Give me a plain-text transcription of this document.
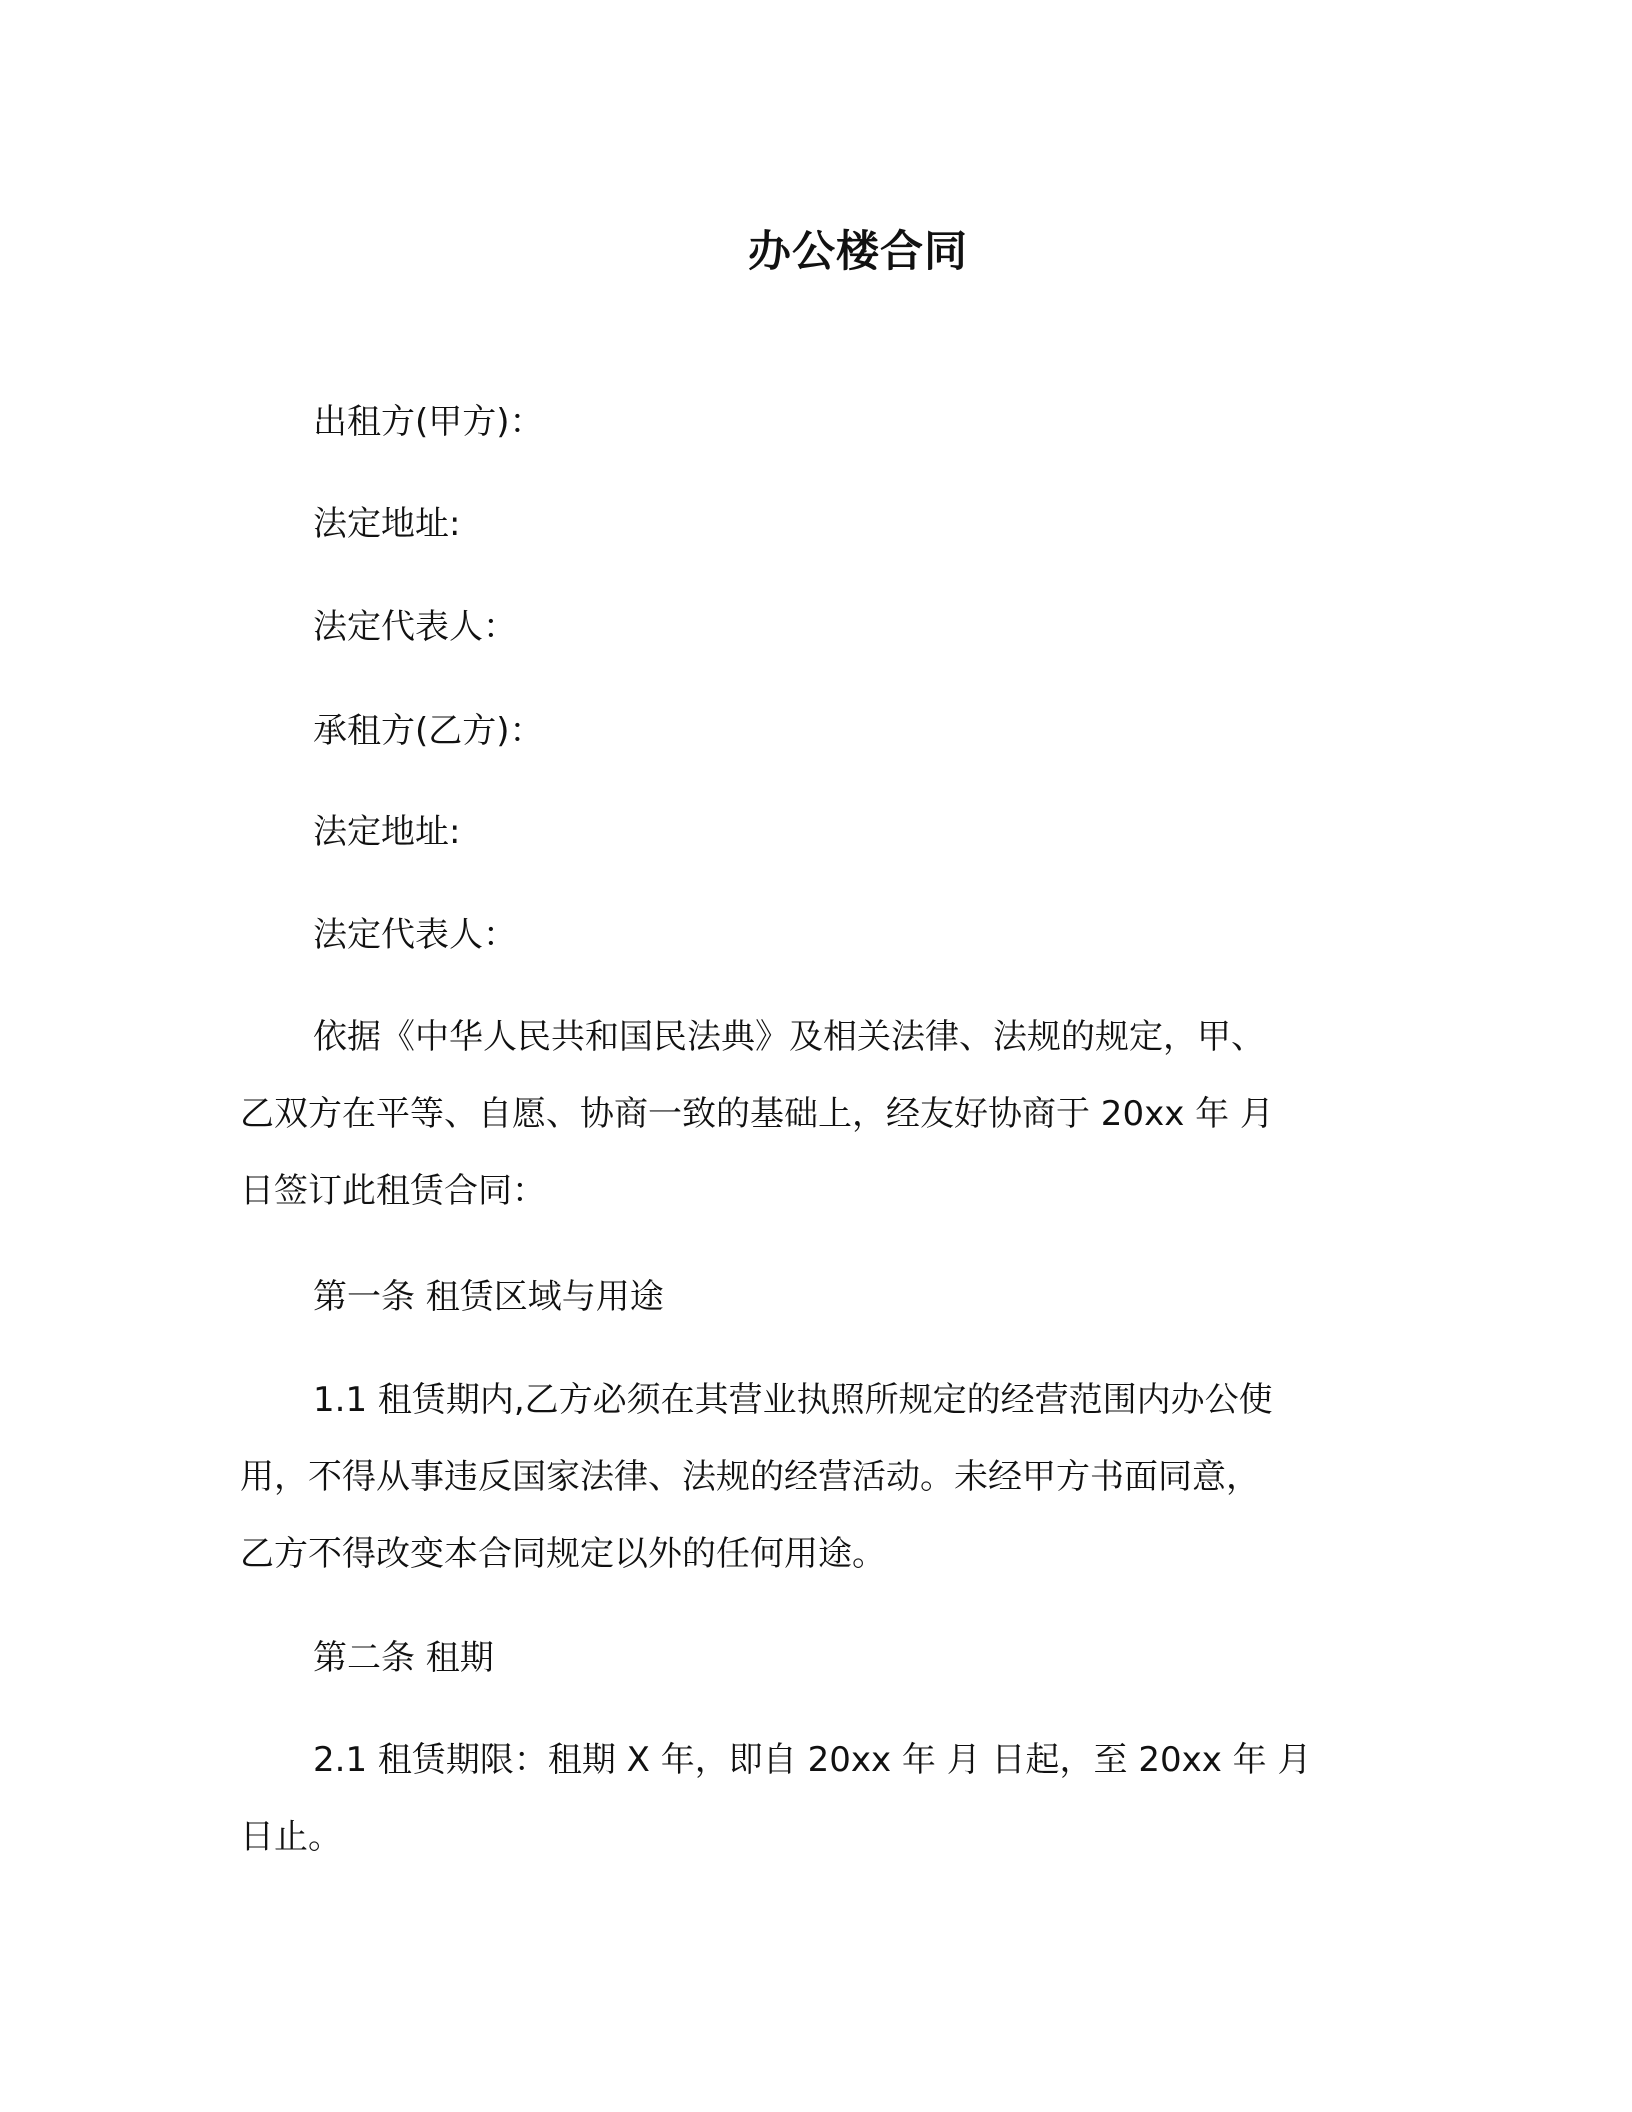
办公楼合同
出租方(甲方)：
法定地址:
法定代表人：
承租方(乙方)：
法定地址:
法定代表人：
依据《中华人民共和国民法典》及相关法律、法规的规定，甲、
乙双方在平等、自愿、协商一致的基础上，经友好协商于 20xx 年 月
日签订此租赁合同：
第一条 租赁区域与用途
1.1 租赁期内,乙方必须在其营业执照所规定的经营范围内办公使
用，不得从事违反国家法律、法规的经营活动。未经甲方书面同意，
乙方不得改变本合同规定以外的任何用途。
第二条 租期
2.1 租赁期限：租期 X 年，即自 20xx 年 月 日起，至 20xx 年 月
日止。
